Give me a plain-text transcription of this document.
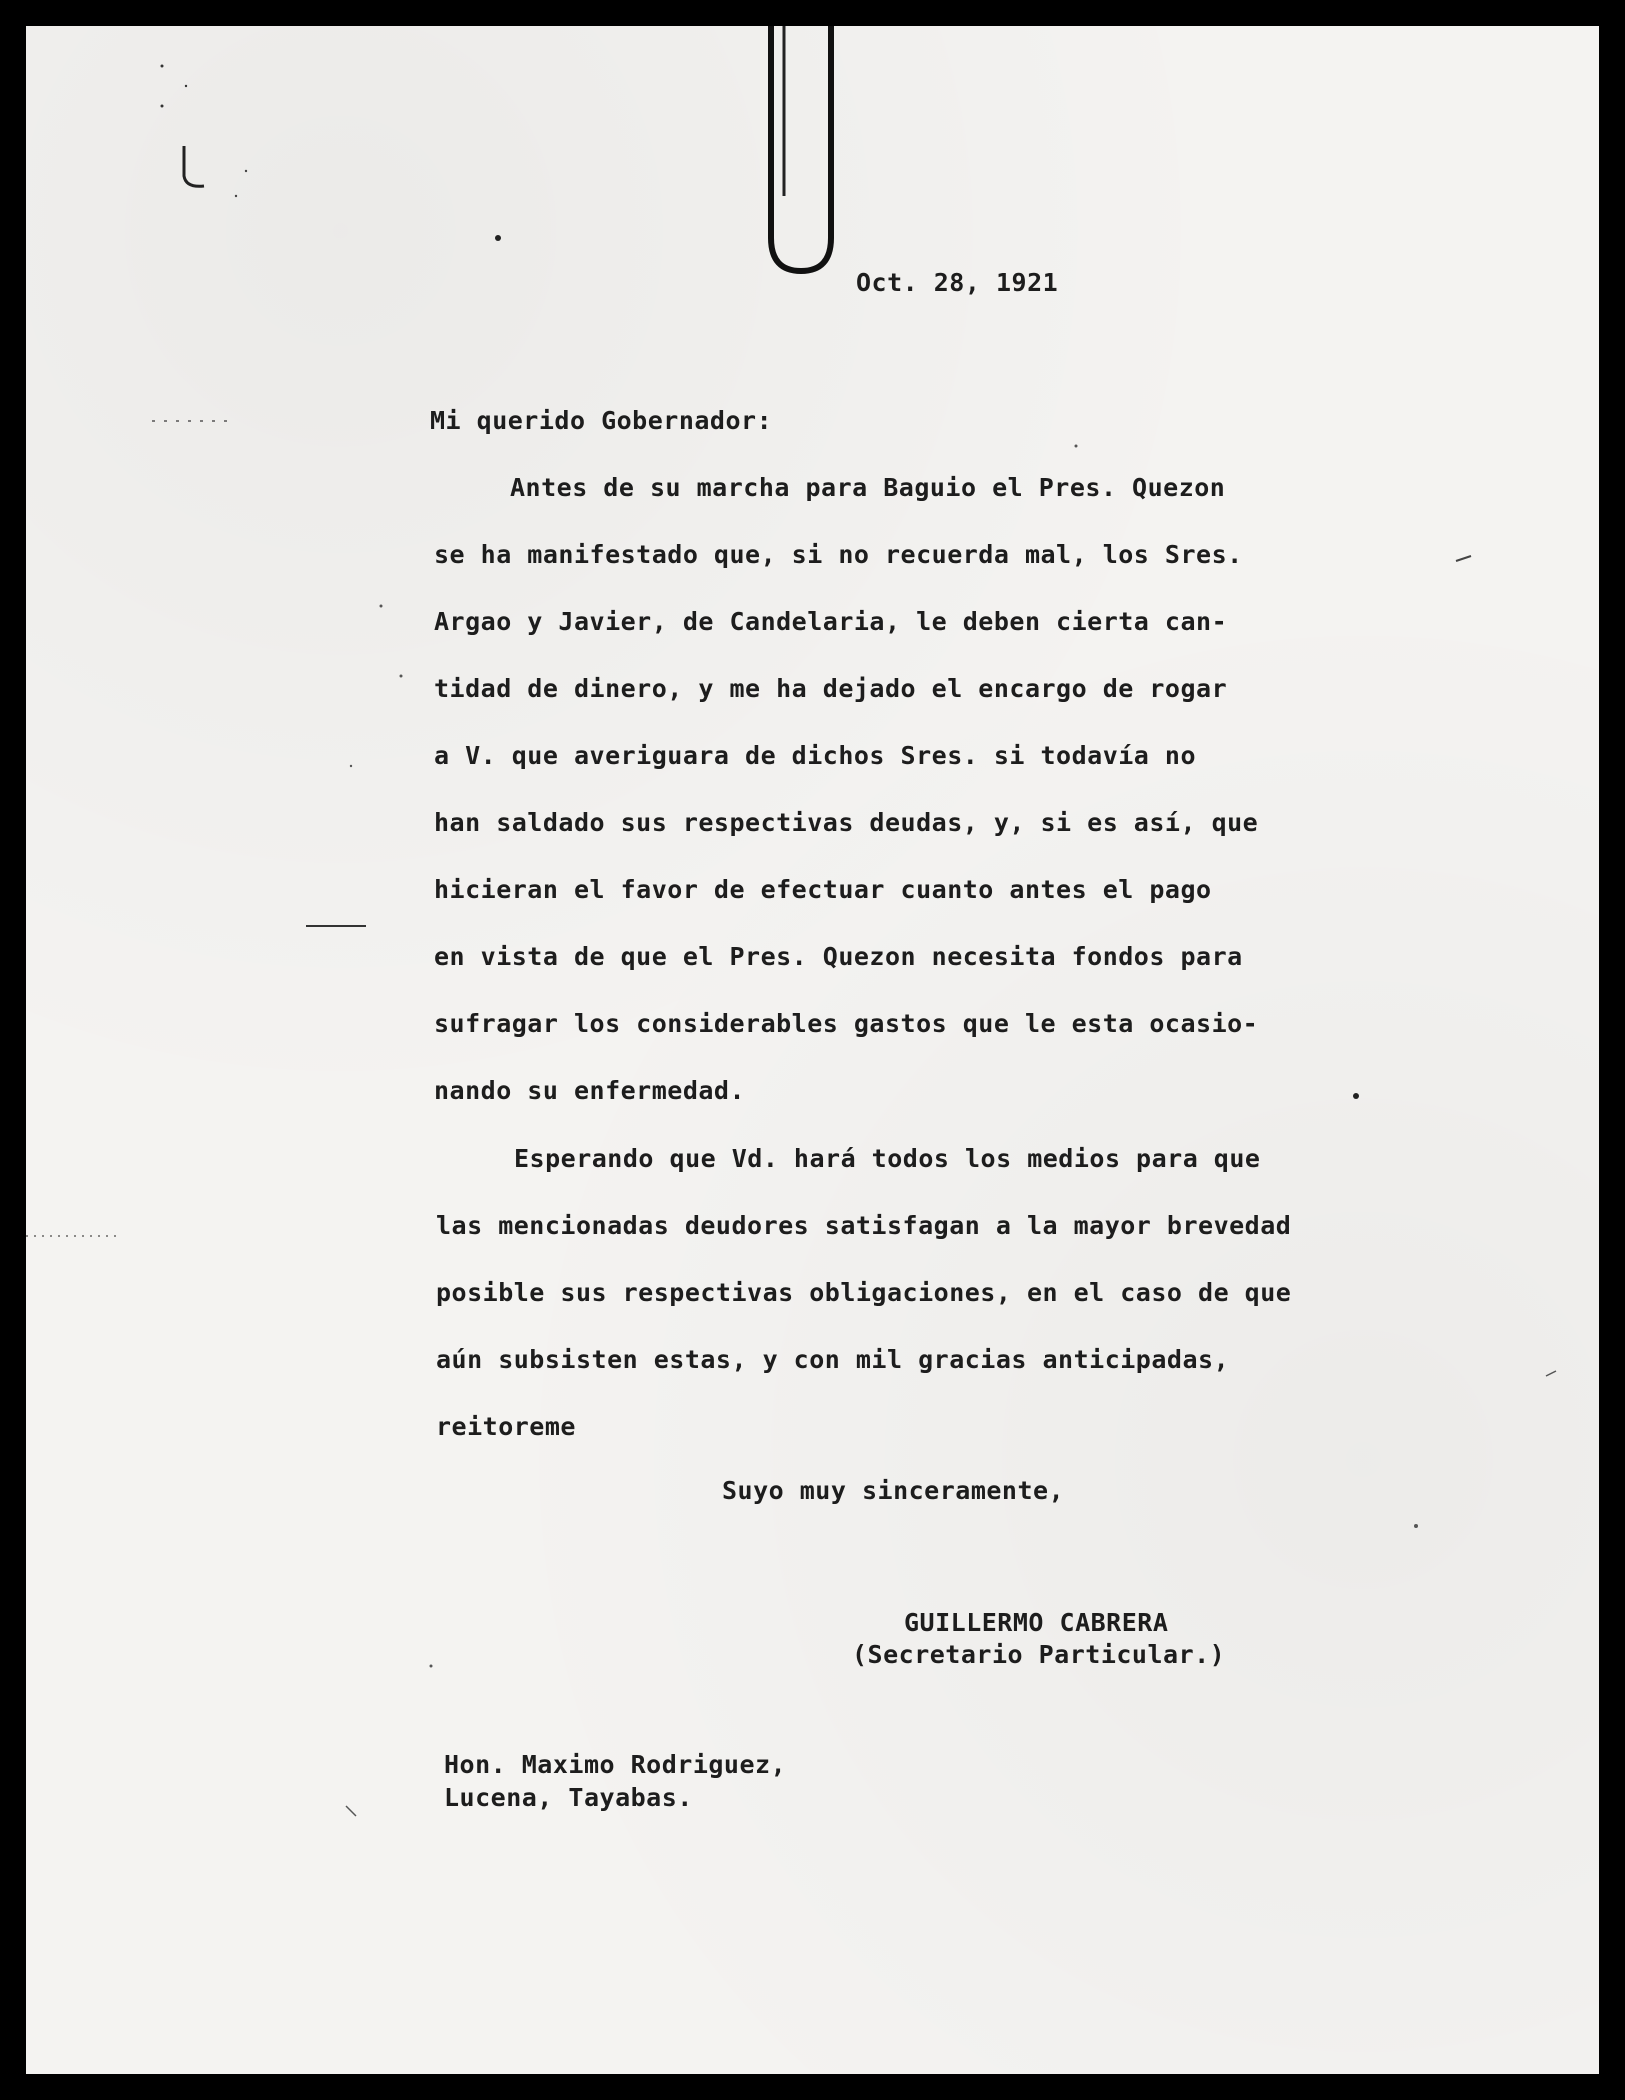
Oct. 28, 1921
Mi querido Gobernador:
Antes de su marcha para Baguio el Pres. Quezon
se ha manifestado que, si no recuerda mal, los Sres.
Argao y Javier, de Candelaria, le deben cierta can-
tidad de dinero, y me ha dejado el encargo de rogar
a V. que averiguara de dichos Sres. si todavía no
han saldado sus respectivas deudas, y, si es así, que
hicieran el favor de efectuar cuanto antes el pago
en vista de que el Pres. Quezon necesita fondos para
sufragar los considerables gastos que le esta ocasio-
nando su enfermedad.
Esperando que Vd. hará todos los medios para que
las mencionadas deudores satisfagan a la mayor brevedad
posible sus respectivas obligaciones, en el caso de que
aún subsisten estas, y con mil gracias anticipadas,
reitoreme
Suyo muy sinceramente,
GUILLERMO CABRERA
(Secretario Particular.)
Hon. Maximo Rodriguez,
Lucena, Tayabas.
